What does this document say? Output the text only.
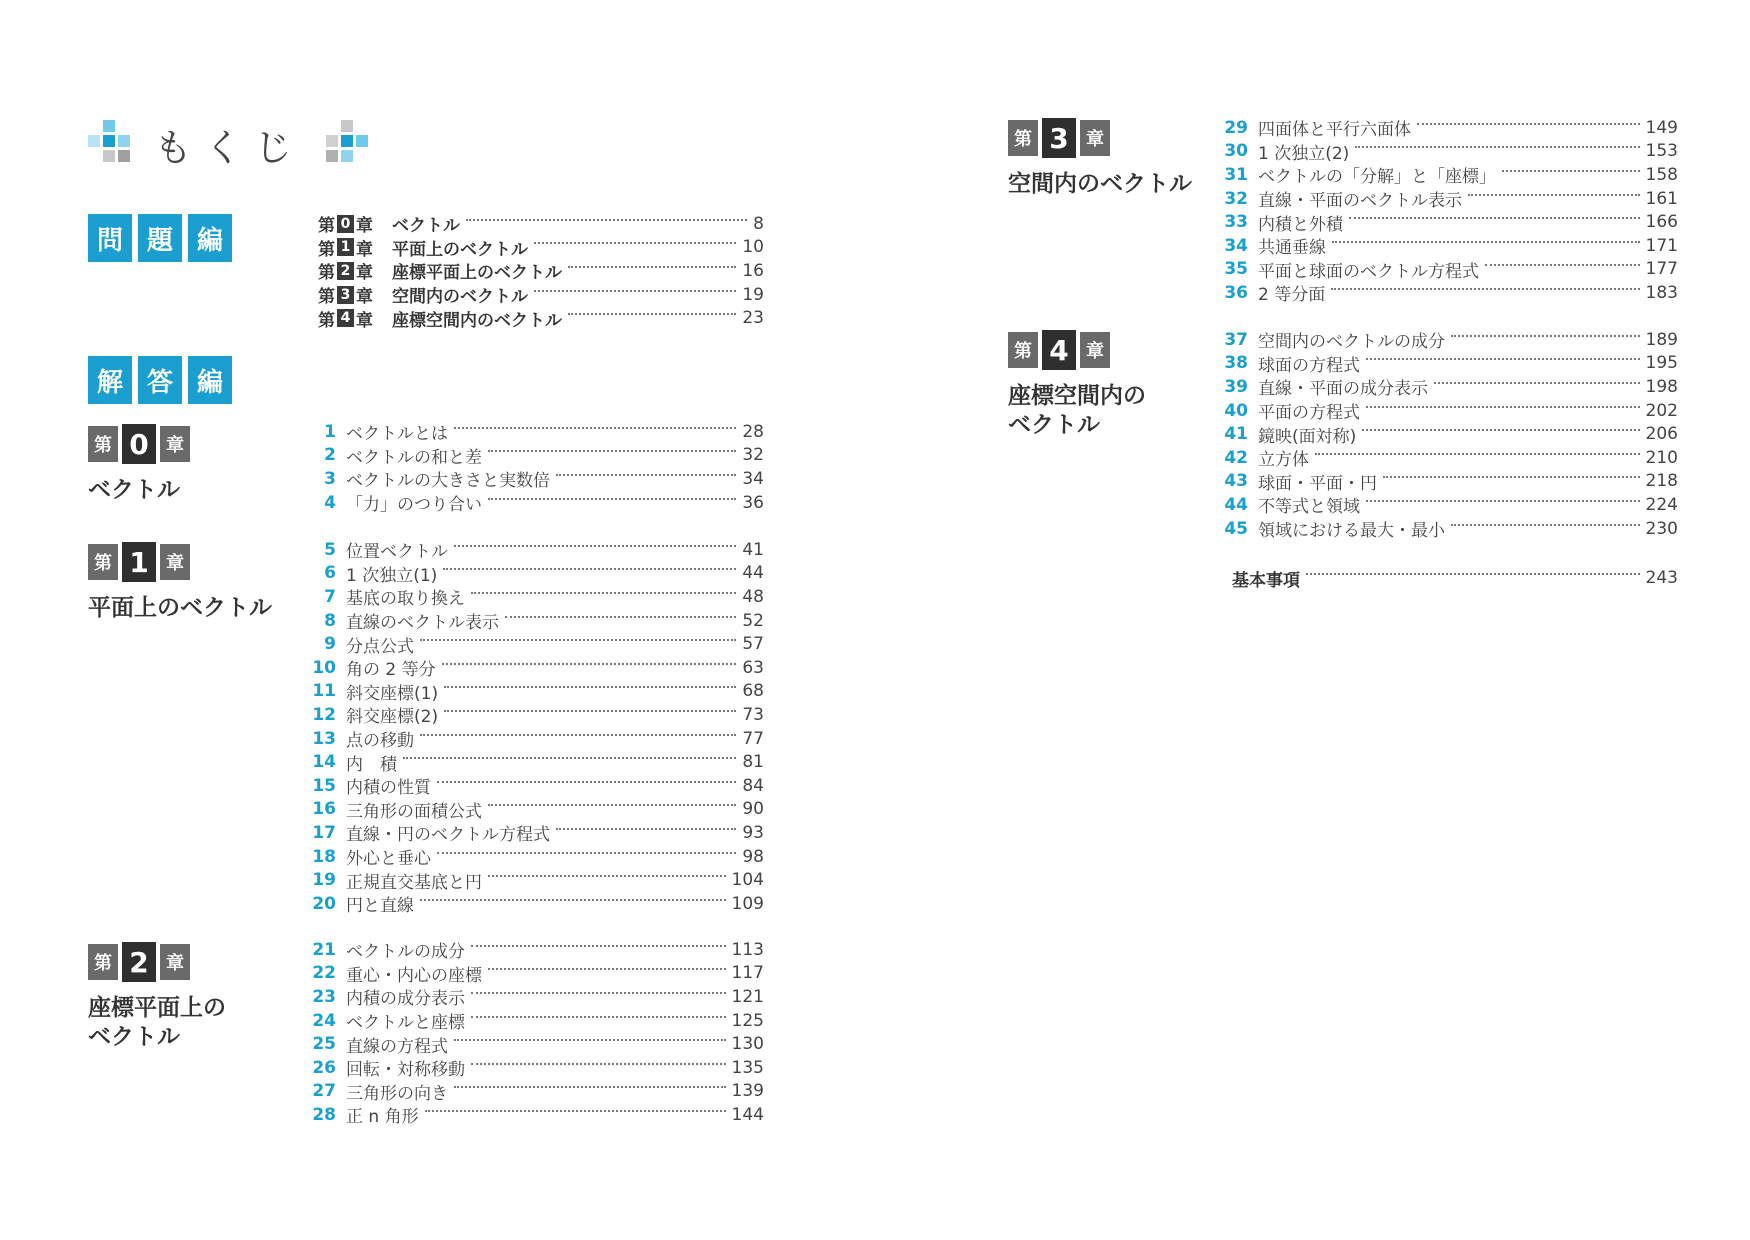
もくじ
問 題 編	第 0 章 ベクトル	8
第 1 章 平面上のベクトル	10
第 2 章 座標平面上のベクトル	16
第 3 章 空間内のベクトル	19
第 4 章 座標空間内のベクトル	23
解 答 編
第 0 章
ベクトル
1 ベクトルとは	28
2 ベクトルの和と差	32
3 ベクトルの大きさと実数倍	34
4 「力」のつり合い	36
第 1 章
平面上のベクトル
5 位置ベクトル	41
6 1 次独立(1)	44
7 基底の取り換え	48
8 直線のベクトル表示	52
9 分点公式	57
10 角の 2 等分	63
11 斜交座標(1)	68
12 斜交座標(2)	73
13 点の移動	77
14 内　積	81
15 内積の性質	84
16 三角形の面積公式	90
17 直線・円のベクトル方程式	93
18 外心と垂心	98
19 正規直交基底と円	104
20 円と直線	109
第 2 章
座標平面上の
ベクトル
21 ベクトルの成分	113
22 重心・内心の座標	117
23 内積の成分表示	121
24 ベクトルと座標	125
25 直線の方程式	130
26 回転・対称移動	135
27 三角形の向き	139
28 正 n 角形	144
第 3 章
空間内のベクトル
29 四面体と平行六面体	149
30 1 次独立(2)	153
31 ベクトルの「分解」と「座標」	158
32 直線・平面のベクトル表示	161
33 内積と外積	166
34 共通垂線	171
35 平面と球面のベクトル方程式	177
36 2 等分面	183
第 4 章
座標空間内の
ベクトル
37 空間内のベクトルの成分	189
38 球面の方程式	195
39 直線・平面の成分表示	198
40 平面の方程式	202
41 鏡映(面対称)	206
42 立方体	210
43 球面・平面・円	218
44 不等式と領域	224
45 領域における最大・最小	230
基本事項	243
